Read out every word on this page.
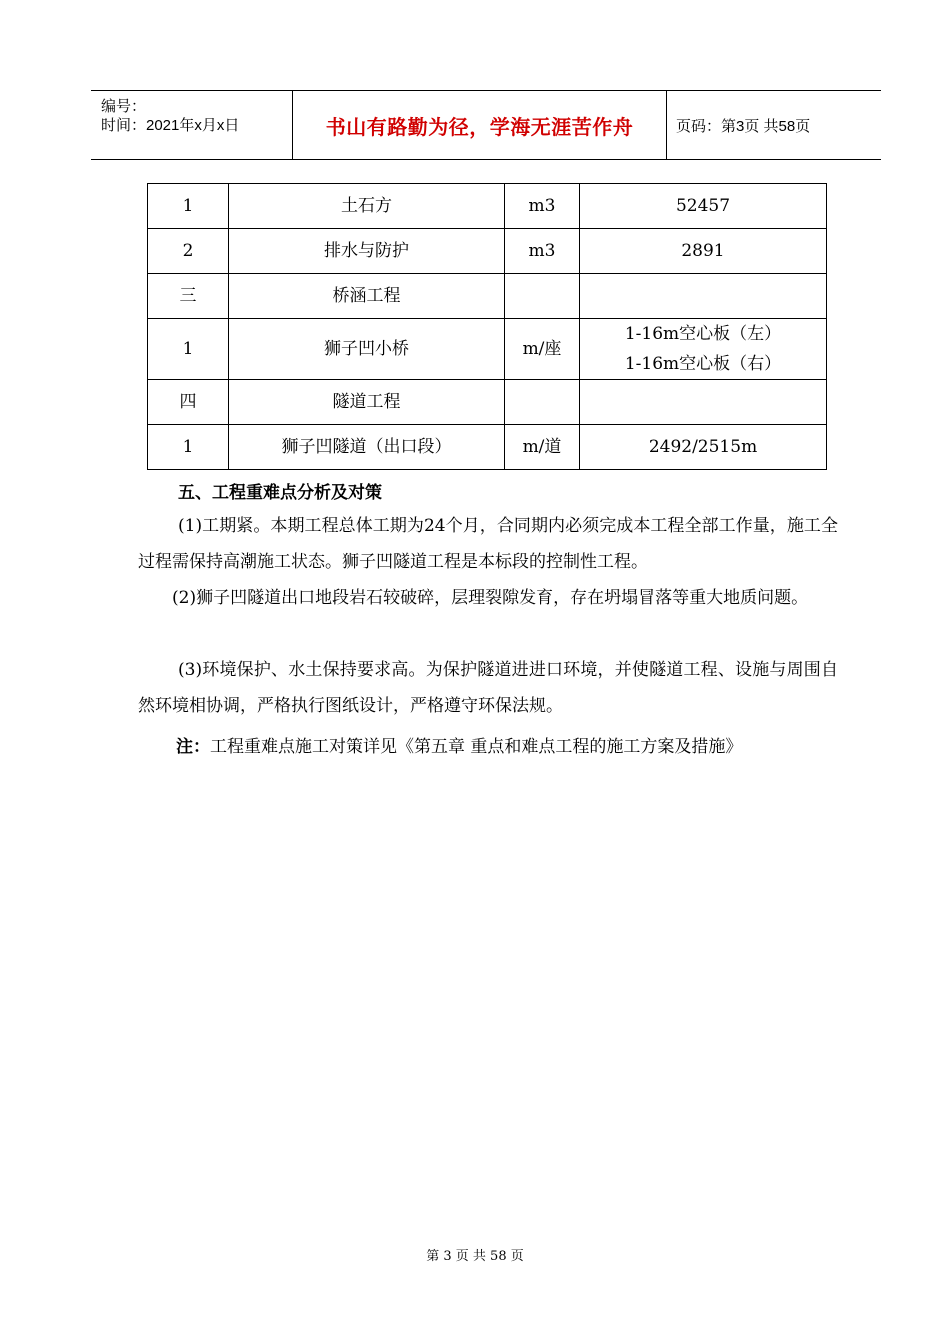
编号：
时间：2021年x月x日	书山有路勤为径，学海无涯苦作舟	页码：第3页 共58页
1	土石方	m3	52457
2	排水与防护	m3	2891
三	桥涵工程		
1	狮子凹小桥	m/座	1-16m空心板（左）
1-16m空心板（右）

四	隧道工程		
1	狮子凹隧道（出口段）	m/道	2492/2515m
五、工程重难点分析及对策
(1)工期紧。本期工程总体工期为24个月，合同期内必须完成本工程全部工作量，施工全过程需保持高潮施工状态。狮子凹隧道工程是本标段的控制性工程。
(2)狮子凹隧道出口地段岩石较破碎，层理裂隙发育，存在坍塌冒落等重大地质问题。
(3)环境保护、水土保持要求高。为保护隧道进进口环境，并使隧道工程、设施与周围自然环境相协调，严格执行图纸设计，严格遵守环保法规。
注：工程重难点施工对策详见《第五章 重点和难点工程的施工方案及措施》
第 3 页 共 58 页
